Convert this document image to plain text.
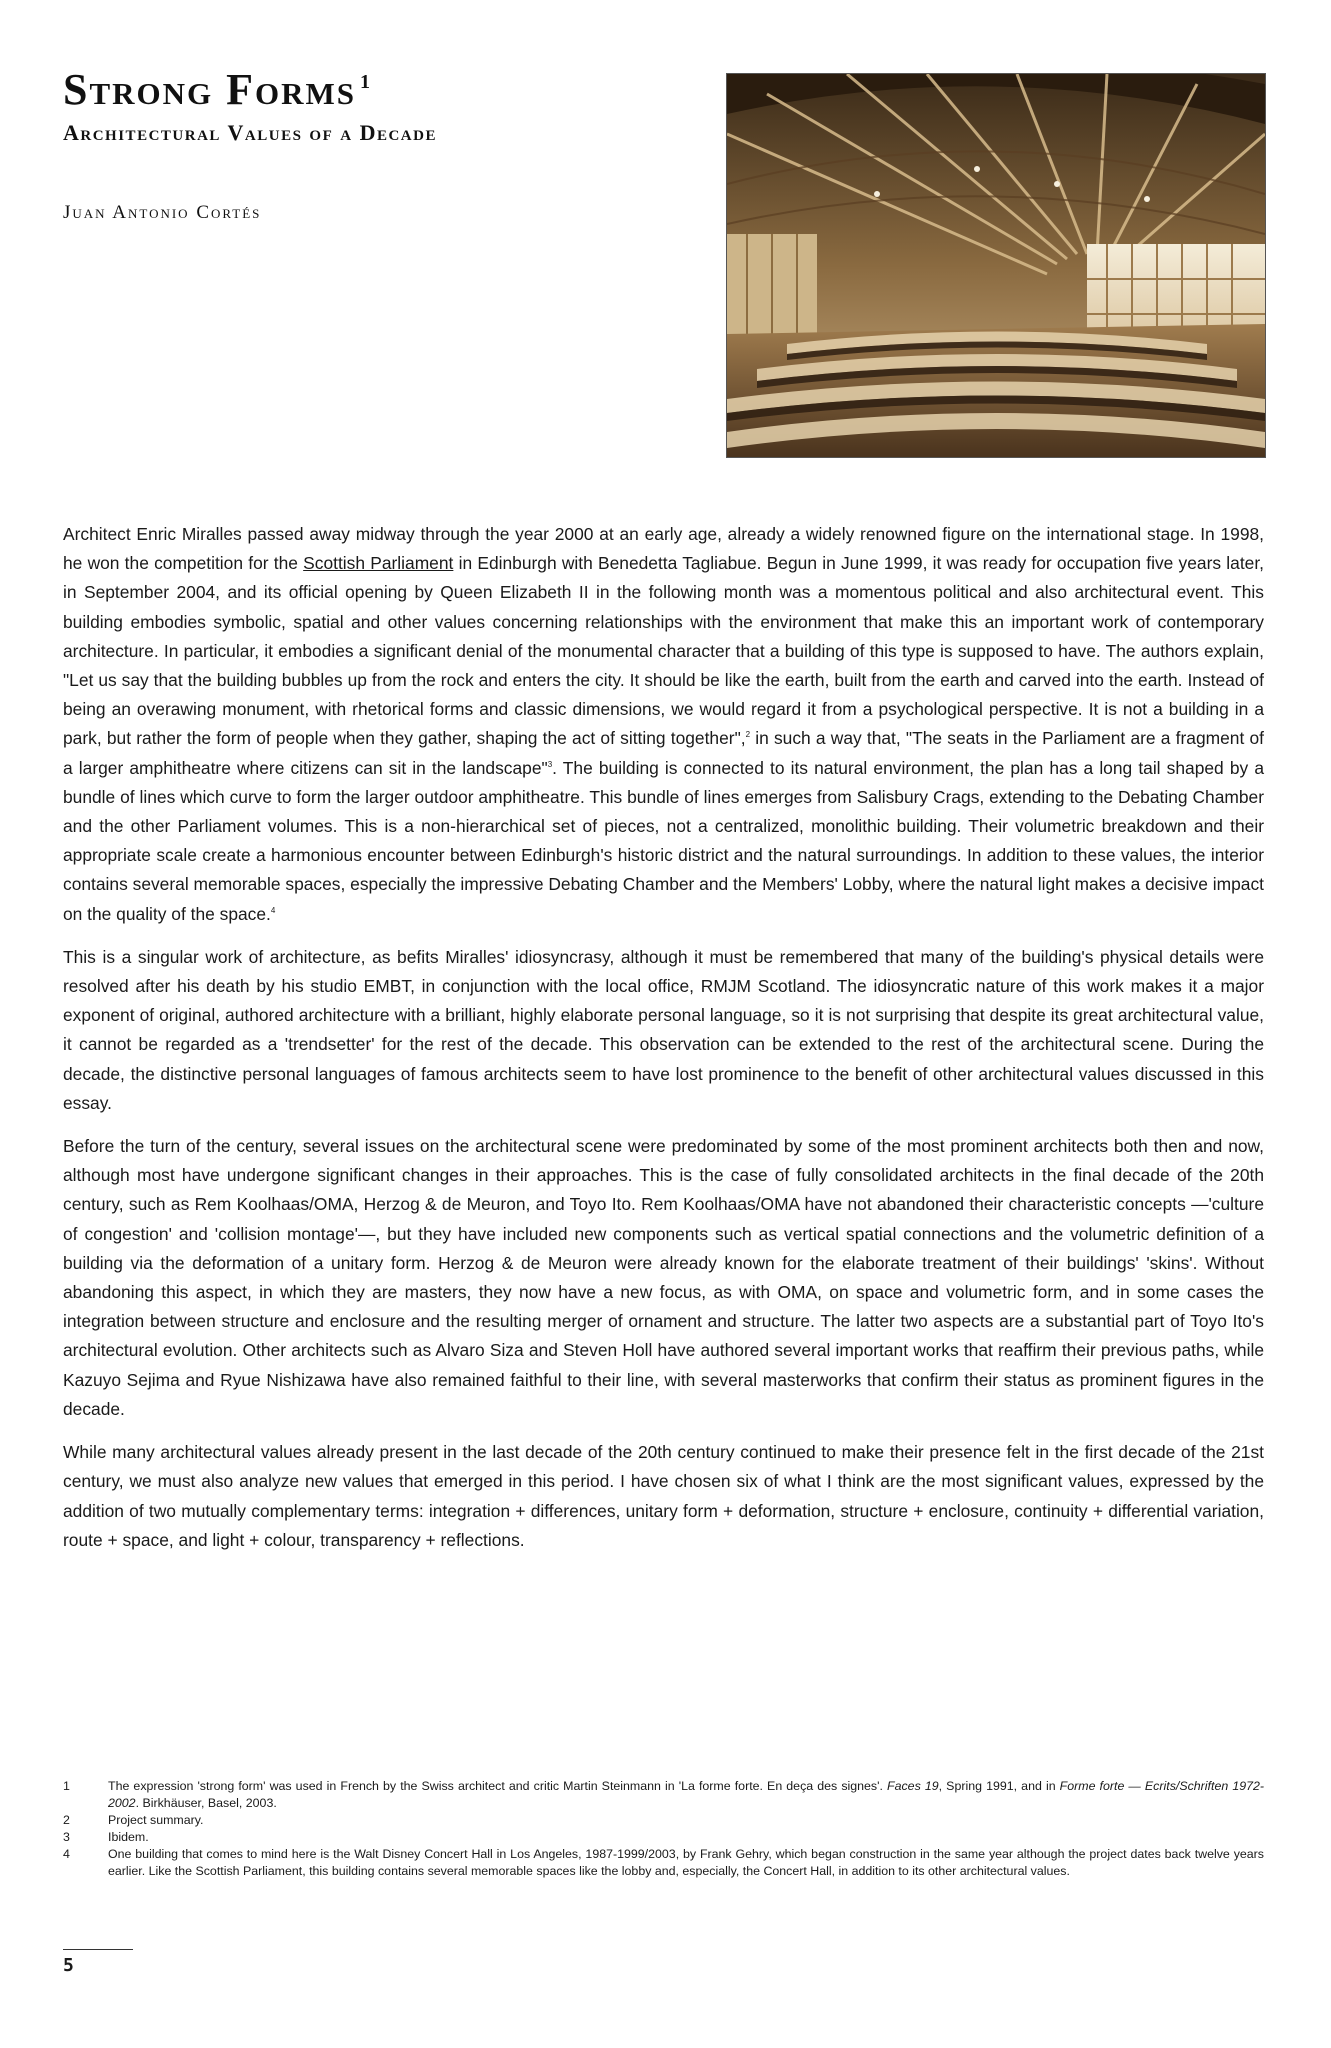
Strong Forms $^1$
Architectural Values of a Decade
Juan Antonio Cortés

Architect Enric Miralles passed away midway through the year 2000 at an early age, already a widely renowned figure on the international stage. In 1998, he won the competition for the Scottish Parliament in Edinburgh with Benedetta Tagliabue. Begun in June 1999, it was ready for occupation five years later, in September 2004, and its official opening by Queen Elizabeth II in the following month was a momentous political and also architectural event. This building embodies symbolic, spatial and other values concerning relationships with the environment that make this an important work of contemporary architecture. In particular, it embodies a significant denial of the monumental character that a building of this type is supposed to have. The authors explain, "Let us say that the building bubbles up from the rock and enters the city. It should be like the earth, built from the earth and carved into the earth. Instead of being an overawing monument, with rhetorical forms and classic dimensions, we would regard it from a psychological perspective. It is not a building in a park, but rather the form of people when they gather, shaping the act of sitting together",$^2$ in such a way that, "The seats in the Parliament are a fragment of a larger amphitheatre where citizens can sit in the landscape"$^3$. The building is connected to its natural environment, the plan has a long tail shaped by a bundle of lines which curve to form the larger outdoor amphitheatre. This bundle of lines emerges from Salisbury Crags, extending to the Debating Chamber and the other Parliament volumes. This is a non-hierarchical set of pieces, not a centralized, monolithic building. Their volumetric breakdown and their appropriate scale create a harmonious encounter between Edinburgh's historic district and the natural surroundings. In addition to these values, the interior contains several memorable spaces, especially the impressive Debating Chamber and the Members' Lobby, where the natural light makes a decisive impact on the quality of the space.$^4$

This is a singular work of architecture, as befits Miralles' idiosyncrasy, although it must be remembered that many of the building's physical details were resolved after his death by his studio EMBT, in conjunction with the local office, RMJM Scotland. The idiosyncratic nature of this work makes it a major exponent of original, authored architecture with a brilliant, highly elaborate personal language, so it is not surprising that despite its great architectural value, it cannot be regarded as a 'trendsetter' for the rest of the decade. This observation can be extended to the rest of the architectural scene. During the decade, the distinctive personal languages of famous architects seem to have lost prominence to the benefit of other architectural values discussed in this essay.

Before the turn of the century, several issues on the architectural scene were predominated by some of the most prominent architects both then and now, although most have undergone significant changes in their approaches. This is the case of fully consolidated architects in the final decade of the 20th century, such as Rem Koolhaas/OMA, Herzog & de Meuron, and Toyo Ito. Rem Koolhaas/OMA have not abandoned their characteristic concepts —'culture of congestion' and 'collision montage'—, but they have included new components such as vertical spatial connections and the volumetric definition of a building via the deformation of a unitary form. Herzog & de Meuron were already known for the elaborate treatment of their buildings' 'skins'. Without abandoning this aspect, in which they are masters, they now have a new focus, as with OMA, on space and volumetric form, and in some cases the integration between structure and enclosure and the resulting merger of ornament and structure. The latter two aspects are a substantial part of Toyo Ito's architectural evolution. Other architects such as Alvaro Siza and Steven Holl have authored several important works that reaffirm their previous paths, while Kazuyo Sejima and Ryue Nishizawa have also remained faithful to their line, with several masterworks that confirm their status as prominent figures in the decade.

While many architectural values already present in the last decade of the 20th century continued to make their presence felt in the first decade of the 21st century, we must also analyze new values that emerged in this period. I have chosen six of what I think are the most significant values, expressed by the addition of two mutually complementary terms: integration + differences, unitary form + deformation, structure + enclosure, continuity + differential variation, route + space, and light + colour, transparency + reflections.

1	The expression 'strong form' was used in French by the Swiss architect and critic Martin Steinmann in 'La forme forte. En deça des signes'. Faces 19, Spring 1991, and in Forme forte — Ecrits/Schriften 1972-2002. Birkhäuser, Basel, 2003.
2	Project summary.
3	Ibidem.
4	One building that comes to mind here is the Walt Disney Concert Hall in Los Angeles, 1987-1999/2003, by Frank Gehry, which began construction in the same year although the project dates back twelve years earlier. Like the Scottish Parliament, this building contains several memorable spaces like the lobby and, especially, the Concert Hall, in addition to its other architectural values.
5
